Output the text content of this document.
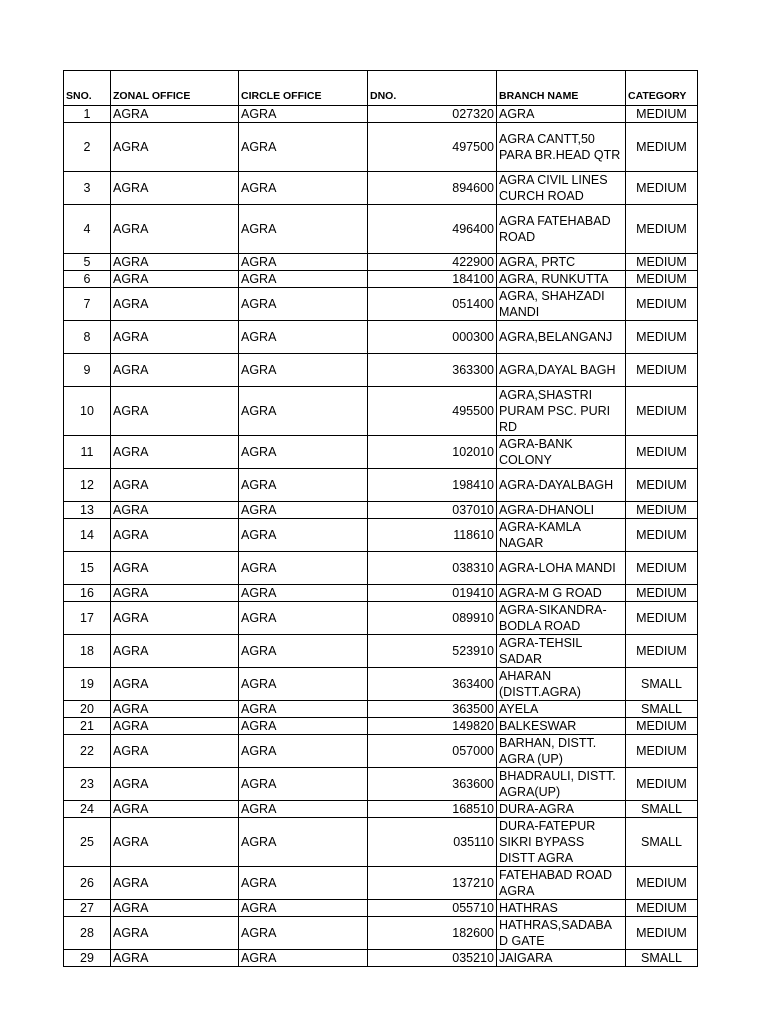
SNO.	ZONAL OFFICE	CIRCLE OFFICE	DNO.	BRANCH NAME	CATEGORY
1	AGRA	AGRA	027320	AGRA	MEDIUM
2	AGRA	AGRA	497500	AGRA CANTT,50 PARA BR.HEAD QTR	MEDIUM
3	AGRA	AGRA	894600	AGRA CIVIL LINES CURCH ROAD	MEDIUM
4	AGRA	AGRA	496400	AGRA FATEHABAD ROAD	MEDIUM
5	AGRA	AGRA	422900	AGRA, PRTC	MEDIUM
6	AGRA	AGRA	184100	AGRA, RUNKUTTA	MEDIUM
7	AGRA	AGRA	051400	AGRA, SHAHZADI MANDI	MEDIUM
8	AGRA	AGRA	000300	AGRA,BELANGANJ	MEDIUM
9	AGRA	AGRA	363300	AGRA,DAYAL BAGH	MEDIUM
10	AGRA	AGRA	495500	AGRA,SHASTRI PURAM PSC. PURI RD	MEDIUM
11	AGRA	AGRA	102010	AGRA-BANK COLONY	MEDIUM
12	AGRA	AGRA	198410	AGRA-DAYALBAGH	MEDIUM
13	AGRA	AGRA	037010	AGRA-DHANOLI	MEDIUM
14	AGRA	AGRA	118610	AGRA-KAMLA NAGAR	MEDIUM
15	AGRA	AGRA	038310	AGRA-LOHA MANDI	MEDIUM
16	AGRA	AGRA	019410	AGRA-M G ROAD	MEDIUM
17	AGRA	AGRA	089910	AGRA-SIKANDRA-BODLA ROAD	MEDIUM
18	AGRA	AGRA	523910	AGRA-TEHSIL SADAR	MEDIUM
19	AGRA	AGRA	363400	AHARAN (DISTT.AGRA)	SMALL
20	AGRA	AGRA	363500	AYELA	SMALL
21	AGRA	AGRA	149820	BALKESWAR	MEDIUM
22	AGRA	AGRA	057000	BARHAN, DISTT. AGRA (UP)	MEDIUM
23	AGRA	AGRA	363600	BHADRAULI, DISTT. AGRA(UP)	MEDIUM
24	AGRA	AGRA	168510	DURA-AGRA	SMALL
25	AGRA	AGRA	035110	DURA-FATEPUR SIKRI BYPASS DISTT AGRA	SMALL
26	AGRA	AGRA	137210	FATEHABAD ROAD AGRA	MEDIUM
27	AGRA	AGRA	055710	HATHRAS	MEDIUM
28	AGRA	AGRA	182600	HATHRAS,SADABA D GATE	MEDIUM
29	AGRA	AGRA	035210	JAIGARA	SMALL
